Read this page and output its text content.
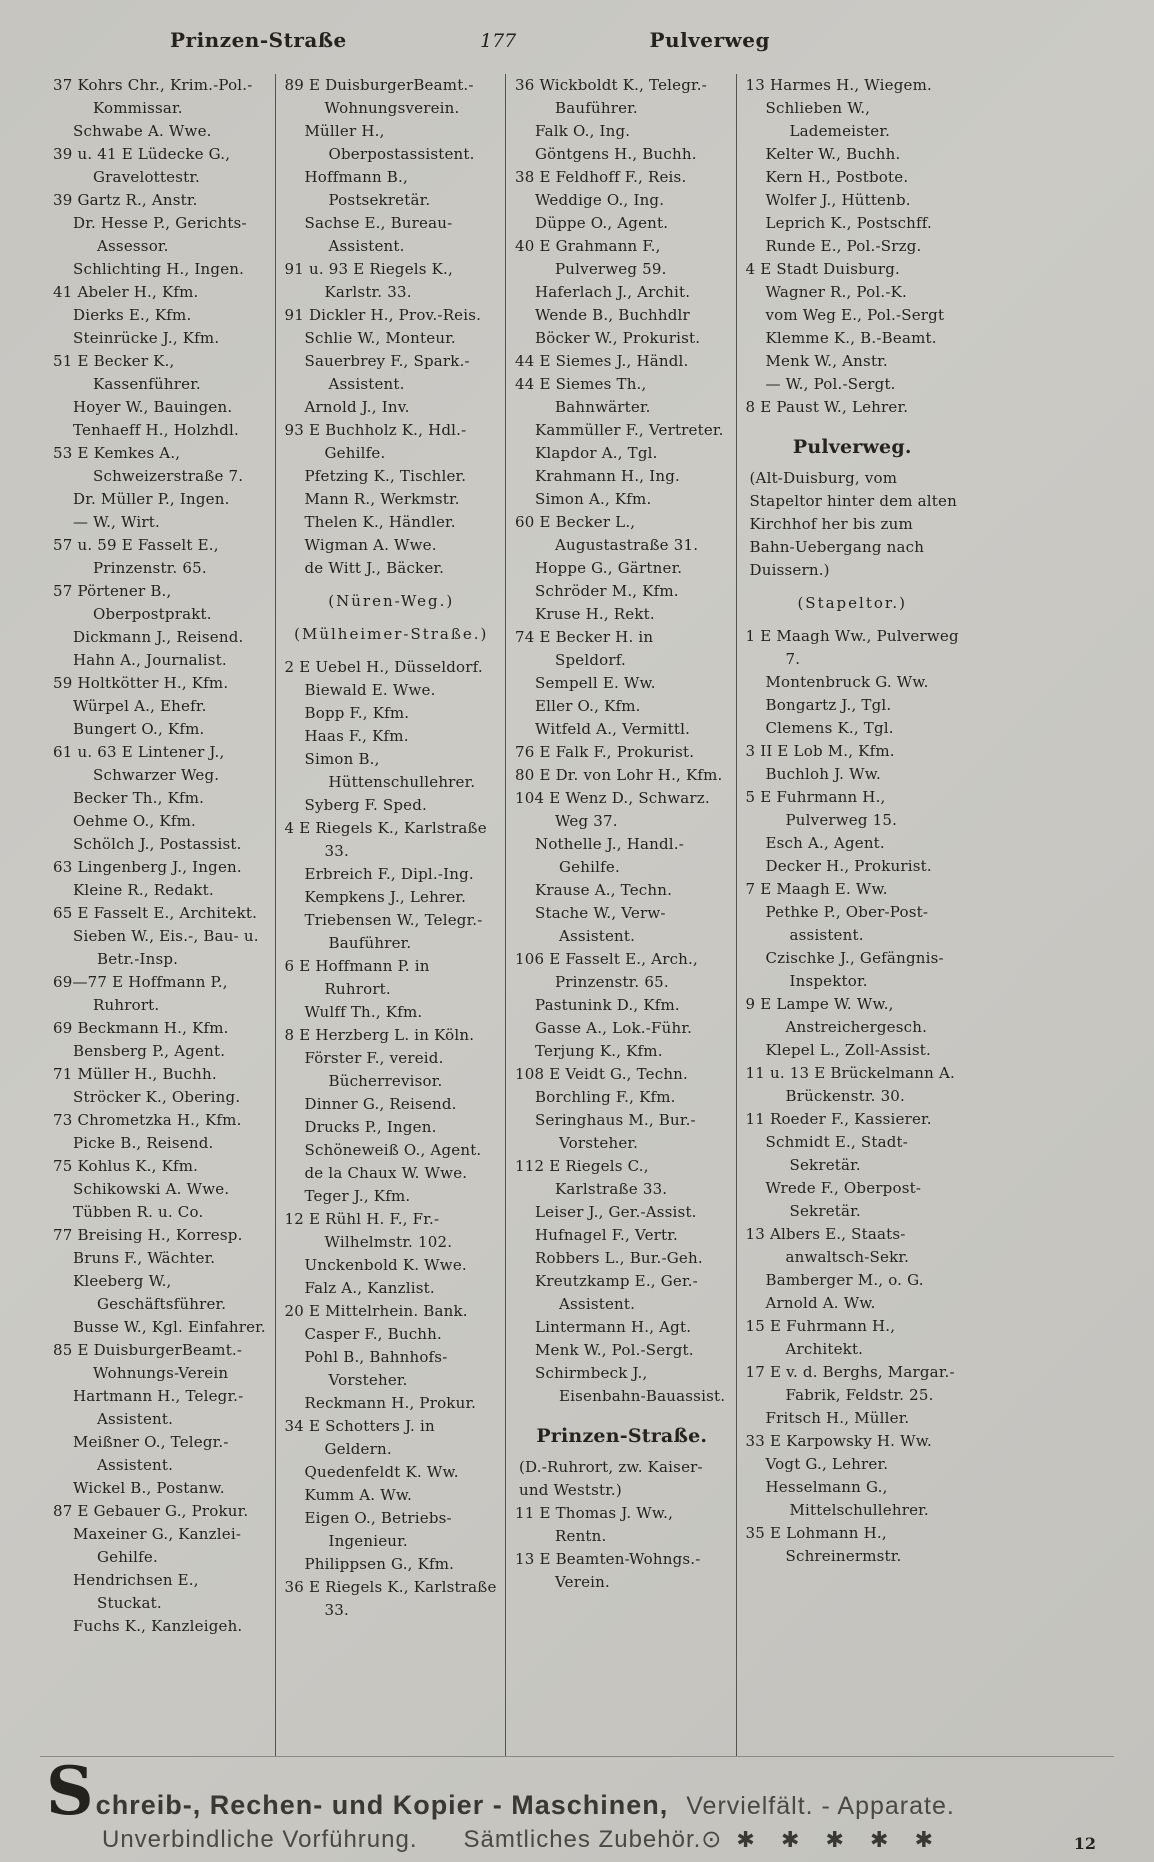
Prinzen-Straße	177	Pulverweg
37 Kohrs Chr., Krim.-Pol.-Kommissar.
Schwabe A. Wwe.
39 u. 41 E Lüdecke G., Gravelottestr.
39 Gartz R., Anstr.
Dr. Hesse P., Gerichts-Assessor.
Schlichting H., Ingen.
41 Abeler H., Kfm.
Dierks E., Kfm.
Steinrücke J., Kfm.
51 E Becker K., Kassenführer.
Hoyer W., Bauingen.
Tenhaeff H., Holzhdl.
53 E Kemkes A., Schweizerstraße 7.
Dr. Müller P., Ingen.
— W., Wirt.
57 u. 59 E Fasselt E., Prinzenstr. 65.
57 Pörtener B., Oberpostprakt.
Dickmann J., Reisend.
Hahn A., Journalist.
59 Holtkötter H., Kfm.
Würpel A., Ehefr.
Bungert O., Kfm.
61 u. 63 E Lintener J., Schwarzer Weg.
Becker Th., Kfm.
Oehme O., Kfm.
Schölch J., Postassist.
63 Lingenberg J., Ingen.
Kleine R., Redakt.
65 E Fasselt E., Architekt.
Sieben W., Eis.-, Bau- u. Betr.-Insp.
69—77 E Hoffmann P., Ruhrort.
69 Beckmann H., Kfm.
Bensberg P., Agent.
71 Müller H., Buchh.
Ströcker K., Obering.
73 Chrometzka H., Kfm.
Picke B., Reisend.
75 Kohlus K., Kfm.
Schikowski A. Wwe.
Tübben R. u. Co.
77 Breising H., Korresp.
Bruns F., Wächter.
Kleeberg W., Geschäftsführer.
Busse W., Kgl. Einfahrer.
85 E DuisburgerBeamt.-Wohnungs-Verein
Hartmann H., Telegr.-Assistent.
Meißner O., Telegr.-Assistent.
Wickel B., Postanw.
87 E Gebauer G., Prokur.
Maxeiner G., Kanzlei-Gehilfe.
Hendrichsen E., Stuckat.
Fuchs K., Kanzleigeh.
89 E DuisburgerBeamt.-Wohnungsverein.
Müller H., Oberpostassistent.
Hoffmann B., Postsekretär.
Sachse E., Bureau-Assistent.
91 u. 93 E Riegels K., Karlstr. 33.
91 Dickler H., Prov.-Reis.
Schlie W., Monteur.
Sauerbrey F., Spark.-Assistent.
Arnold J., Inv.
93 E Buchholz K., Hdl.-Gehilfe.
Pfetzing K., Tischler.
Mann R., Werkmstr.
Thelen K., Händler.
Wigman A. Wwe.
de Witt J., Bäcker.
(Nüren-Weg.)
(Mülheimer-Straße.)
2 E Uebel H., Düsseldorf.
Biewald E. Wwe.
Bopp F., Kfm.
Haas F., Kfm.
Simon B., Hüttenschullehrer.
Syberg F. Sped.
4 E Riegels K., Karlstraße 33.
Erbreich F., Dipl.-Ing.
Kempkens J., Lehrer.
Triebensen W., Telegr.-Bauführer.
6 E Hoffmann P. in Ruhrort.
Wulff Th., Kfm.
8 E Herzberg L. in Köln.
Förster F., vereid. Bücherrevisor.
Dinner G., Reisend.
Drucks P., Ingen.
Schöneweiß O., Agent.
de la Chaux W. Wwe.
Teger J., Kfm.
12 E Rühl H. F., Fr.-Wilhelmstr. 102.
Unckenbold K. Wwe.
Falz A., Kanzlist.
20 E Mittelrhein. Bank.
Casper F., Buchh.
Pohl B., Bahnhofs-Vorsteher.
Reckmann H., Prokur.
34 E Schotters J. in Geldern.
Quedenfeldt K. Ww.
Kumm A. Ww.
Eigen O., Betriebs-Ingenieur.
Philippsen G., Kfm.
36 E Riegels K., Karlstraße 33.
36 Wickboldt K., Telegr.-Bauführer.
Falk O., Ing.
Göntgens H., Buchh.
38 E Feldhoff F., Reis.
Weddige O., Ing.
Düppe O., Agent.
40 E Grahmann F., Pulverweg 59.
Haferlach J., Archit.
Wende B., Buchhdlr
Böcker W., Prokurist.
44 E Siemes J., Händl.
44 E Siemes Th., Bahnwärter.
Kammüller F., Vertreter.
Klapdor A., Tgl.
Krahmann H., Ing.
Simon A., Kfm.
60 E Becker L., Augustastraße 31.
Hoppe G., Gärtner.
Schröder M., Kfm.
Kruse H., Rekt.
74 E Becker H. in Speldorf.
Sempell E. Ww.
Eller O., Kfm.
Witfeld A., Vermittl.
76 E Falk F., Prokurist.
80 E Dr. von Lohr H., Kfm.
104 E Wenz D., Schwarz. Weg 37.
Nothelle J., Handl.-Gehilfe.
Krause A., Techn.
Stache W., Verw-Assistent.
106 E Fasselt E., Arch., Prinzenstr. 65.
Pastunink D., Kfm.
Gasse A., Lok.-Führ.
Terjung K., Kfm.
108 E Veidt G., Techn.
Borchling F., Kfm.
Seringhaus M., Bur.-Vorsteher.
112 E Riegels C., Karlstraße 33.
Leiser J., Ger.-Assist.
Hufnagel F., Vertr.
Robbers L., Bur.-Geh.
Kreutzkamp E., Ger.-Assistent.
Lintermann H., Agt.
Menk W., Pol.-Sergt.
Schirmbeck J., Eisenbahn-Bauassist.
Prinzen-Straße.
(D.-Ruhrort, zw. Kaiser- und Weststr.)
11 E Thomas J. Ww., Rentn.
13 E Beamten-Wohngs.-Verein.
13 Harmes H., Wiegem.
Schlieben W., Lademeister.
Kelter W., Buchh.
Kern H., Postbote.
Wolfer J., Hüttenb.
Leprich K., Postschff.
Runde E., Pol.-Srzg.
4 E Stadt Duisburg.
Wagner R., Pol.-K.
vom Weg E., Pol.-Sergt
Klemme K., B.-Beamt.
Menk W., Anstr.
— W., Pol.-Sergt.
8 E Paust W., Lehrer.
Pulverweg.
(Alt-Duisburg, vom Stapeltor hinter dem alten Kirchhof her bis zum Bahn-Uebergang nach Duissern.)
(Stapeltor.)
1 E Maagh Ww., Pulverweg 7.
Montenbruck G. Ww.
Bongartz J., Tgl.
Clemens K., Tgl.
3 II E Lob M., Kfm.
Buchloh J. Ww.
5 E Fuhrmann H., Pulverweg 15.
Esch A., Agent.
Decker H., Prokurist.
7 E Maagh E. Ww.
Pethke P., Ober-Post-assistent.
Czischke J., Gefängnis-Inspektor.
9 E Lampe W. Ww., Anstreichergesch.
Klepel L., Zoll-Assist.
11 u. 13 E Brückelmann A. Brückenstr. 30.
11 Roeder F., Kassierer.
Schmidt E., Stadt-Sekretär.
Wrede F., Oberpost-Sekretär.
13 Albers E., Staats-anwaltsch-Sekr.
Bamberger M., o. G.
Arnold A. Ww.
15 E Fuhrmann H., Architekt.
17 E v. d. Berghs, Margar.-Fabrik, Feldstr. 25.
Fritsch H., Müller.
33 E Karpowsky H. Ww.
Vogt G., Lehrer.
Hesselmann G., Mittelschullehrer.
35 E Lohmann H., Schreinermstr.
S chreib-, Rechen- und Kopier - Maschinen, Vervielfält. - Apparate.
Unverbindliche Vorführung. Sämtliches Zubehör.⊙ ✱ ✱ ✱ ✱ ✱	12
